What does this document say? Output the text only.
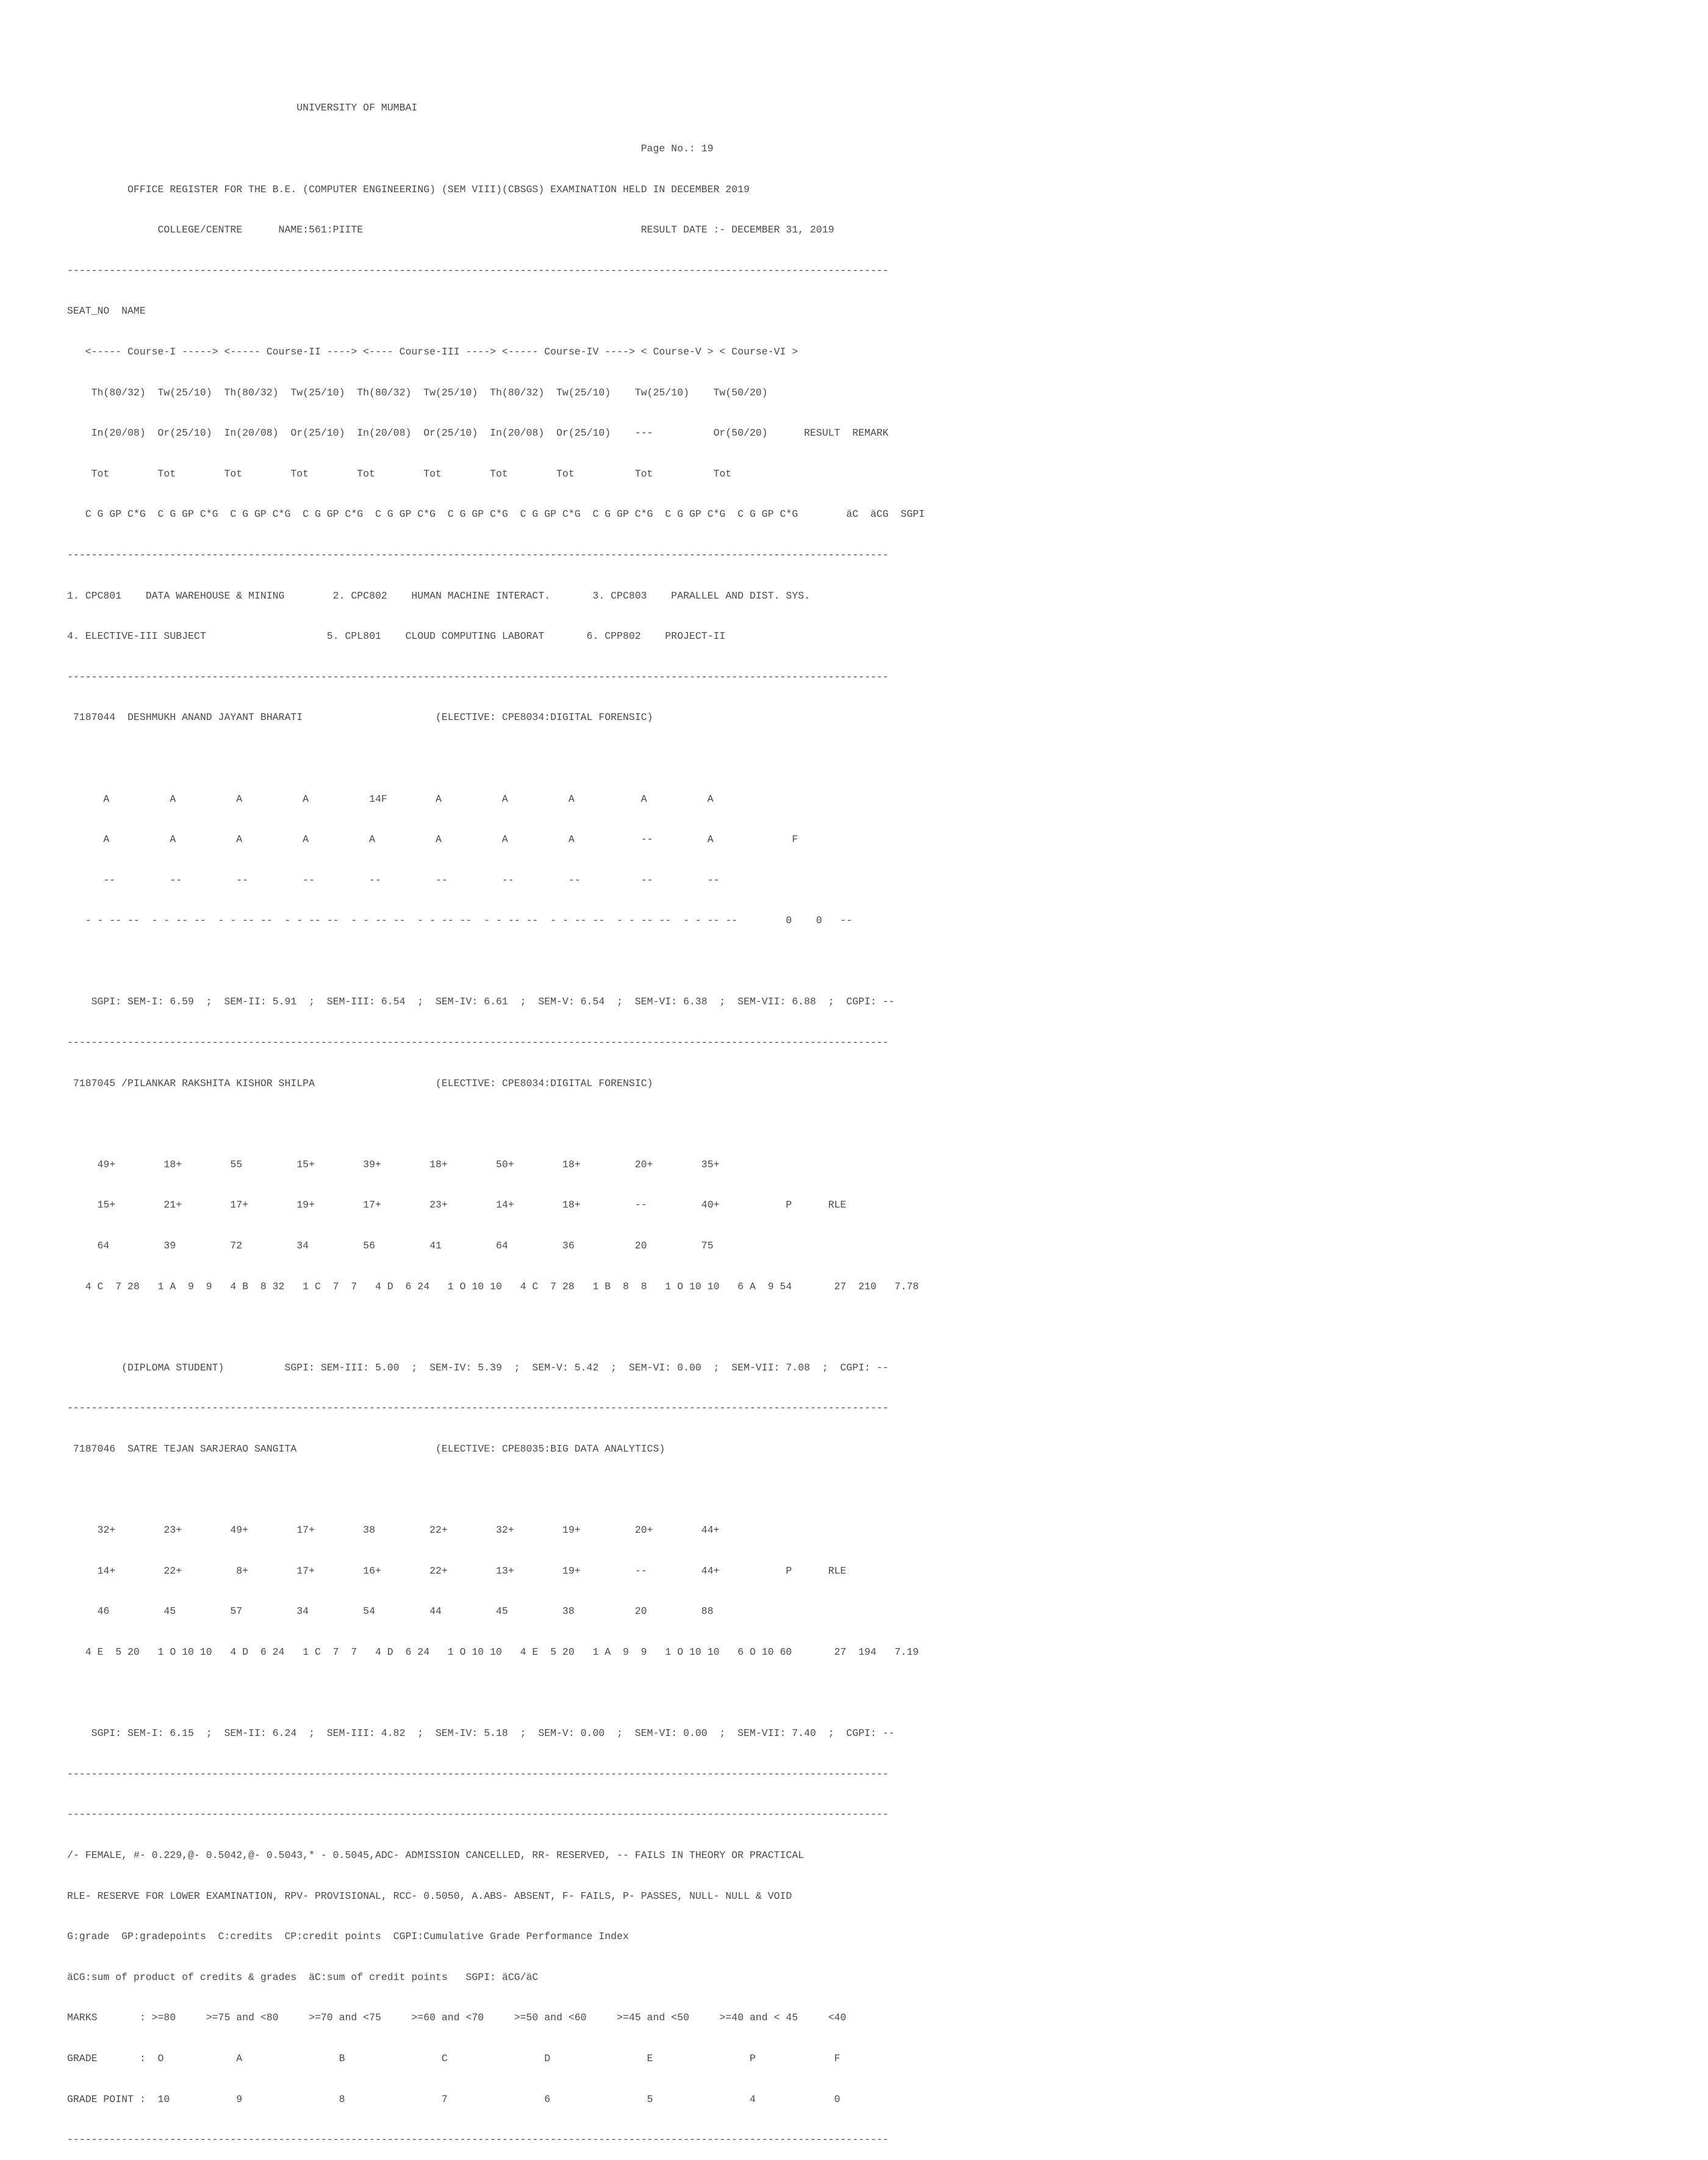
UNIVERSITY OF MUMBAI

Page No.: 19

OFFICE REGISTER FOR THE B.E. (COMPUTER ENGINEERING) (SEM VIII)(CBSGS) EXAMINATION HELD IN DECEMBER 2019

COLLEGE/CENTRE      NAME:561:PIITE                                              RESULT DATE :- DECEMBER 31, 2019

----------------------------------------------------------------------------------------------------------------------------------------

SEAT_NO  NAME

<----- Course-I -----> <----- Course-II ----> <---- Course-III ----> <----- Course-IV ----> < Course-V > < Course-VI >

Th(80/32)  Tw(25/10)  Th(80/32)  Tw(25/10)  Th(80/32)  Tw(25/10)  Th(80/32)  Tw(25/10)    Tw(25/10)    Tw(50/20)

In(20/08)  Or(25/10)  In(20/08)  Or(25/10)  In(20/08)  Or(25/10)  In(20/08)  Or(25/10)    ---          Or(50/20)      RESULT  REMARK

Tot        Tot        Tot        Tot        Tot        Tot        Tot        Tot          Tot          Tot

C G GP C*G  C G GP C*G  C G GP C*G  C G GP C*G  C G GP C*G  C G GP C*G  C G GP C*G  C G GP C*G  C G GP C*G  C G GP C*G        äC  äCG  SGPI

----------------------------------------------------------------------------------------------------------------------------------------

1. CPC801    DATA WAREHOUSE & MINING        2. CPC802    HUMAN MACHINE INTERACT.       3. CPC803    PARALLEL AND DIST. SYS.

4. ELECTIVE-III SUBJECT                    5. CPL801    CLOUD COMPUTING LABORAT       6. CPP802    PROJECT-II

----------------------------------------------------------------------------------------------------------------------------------------

7187044  DESHMUKH ANAND JAYANT BHARATI                      (ELECTIVE: CPE8034:DIGITAL FORENSIC)

A          A          A          A          14F        A          A          A           A          A

A          A          A          A          A          A          A          A           --         A             F

--         --         --         --         --         --         --         --          --         --

- - -- --  - - -- --  - - -- --  - - -- --  - - -- --  - - -- --  - - -- --  - - -- --  - - -- --  - - -- --        0    0   --

SGPI: SEM-I: 6.59  ;  SEM-II: 5.91  ;  SEM-III: 6.54  ;  SEM-IV: 6.61  ;  SEM-V: 6.54  ;  SEM-VI: 6.38  ;  SEM-VII: 6.88  ;  CGPI: --

----------------------------------------------------------------------------------------------------------------------------------------

7187045 /PILANKAR RAKSHITA KISHOR SHILPA                    (ELECTIVE: CPE8034:DIGITAL FORENSIC)

49+        18+        55         15+        39+        18+        50+        18+         20+        35+

15+        21+        17+        19+        17+        23+        14+        18+         --         40+           P      RLE

64         39         72         34         56         41         64         36          20         75

4 C  7 28   1 A  9  9   4 B  8 32   1 C  7  7   4 D  6 24   1 O 10 10   4 C  7 28   1 B  8  8   1 O 10 10   6 A  9 54       27  210   7.78

(DIPLOMA STUDENT)          SGPI: SEM-III: 5.00  ;  SEM-IV: 5.39  ;  SEM-V: 5.42  ;  SEM-VI: 0.00  ;  SEM-VII: 7.08  ;  CGPI: --

----------------------------------------------------------------------------------------------------------------------------------------

7187046  SATRE TEJAN SARJERAO SANGITA                       (ELECTIVE: CPE8035:BIG DATA ANALYTICS)

32+        23+        49+        17+        38         22+        32+        19+         20+        44+

14+        22+         8+        17+        16+        22+        13+        19+         --         44+           P      RLE

46         45         57         34         54         44         45         38          20         88

4 E  5 20   1 O 10 10   4 D  6 24   1 C  7  7   4 D  6 24   1 O 10 10   4 E  5 20   1 A  9  9   1 O 10 10   6 O 10 60       27  194   7.19

SGPI: SEM-I: 6.15  ;  SEM-II: 6.24  ;  SEM-III: 4.82  ;  SEM-IV: 5.18  ;  SEM-V: 0.00  ;  SEM-VI: 0.00  ;  SEM-VII: 7.40  ;  CGPI: --

----------------------------------------------------------------------------------------------------------------------------------------

----------------------------------------------------------------------------------------------------------------------------------------

/- FEMALE, #- 0.229,@- 0.5042,@- 0.5043,* - 0.5045,ADC- ADMISSION CANCELLED, RR- RESERVED, -- FAILS IN THEORY OR PRACTICAL

RLE- RESERVE FOR LOWER EXAMINATION, RPV- PROVISIONAL, RCC- 0.5050, A.ABS- ABSENT, F- FAILS, P- PASSES, NULL- NULL & VOID

G:grade  GP:gradepoints  C:credits  CP:credit points  CGPI:Cumulative Grade Performance Index

äCG:sum of product of credits & grades  äC:sum of credit points   SGPI: äCG/äC

MARKS       : >=80     >=75 and <80     >=70 and <75     >=60 and <70     >=50 and <60     >=45 and <50     >=40 and < 45     <40

GRADE       :  O            A                B                C                D                E                P             F

GRADE POINT :  10           9                8                7                6                5                4             0

----------------------------------------------------------------------------------------------------------------------------------------
